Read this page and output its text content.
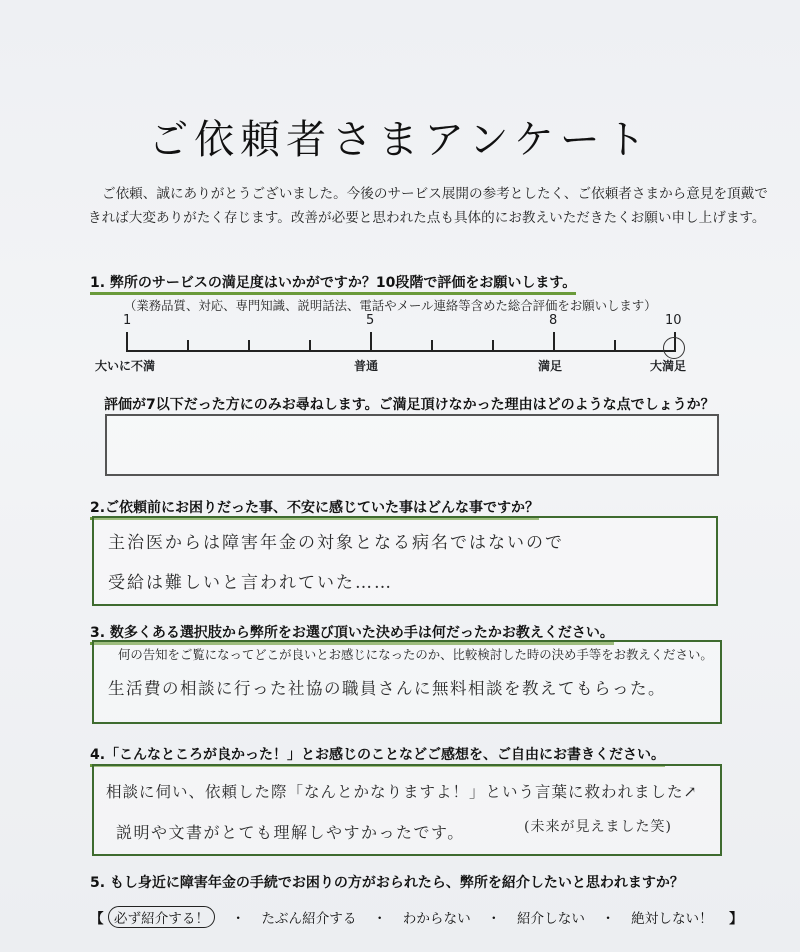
ご依頼者さまアンケート
ご依頼、誠にありがとうございました。今後のサービス展開の参考としたく、ご依頼者さまから意見を頂戴できれば大変ありがたく存じます。改善が必要と思われた点も具体的にお教えいただきたくお願い申し上げます。
1. 弊所のサービスの満足度はいかがですか？10段階で評価をお願いします。
（業務品質、対応、専門知識、説明話法、電話やメール連絡等含めた総合評価をお願いします）
1	5	8	10
大いに不満	普通	満足	大満足
評価が7以下だった方にのみお尋ねします。ご満足頂けなかった理由はどのような点でしょうか？
2.ご依頼前にお困りだった事、不安に感じていた事はどんな事ですか？
主治医からは障害年金の対象となる病名ではないので
受給は難しいと言われていた……
3. 数多くある選択肢から弊所をお選び頂いた決め手は何だったかお教えください。
何の告知をご覧になってどこが良いとお感じになったのか、比較検討した時の決め手等をお教えください。
生活費の相談に行った社協の職員さんに無料相談を教えてもらった。
4.「こんなところが良かった！」とお感じのことなどご感想を、ご自由にお書きください。
相談に伺い、依頼した際「なんとかなりますよ！」という言葉に救われました↗
説明や文書がとても理解しやすかったです。	(未来が見えました笑)
5. もし身近に障害年金の手続でお困りの方がおられたら、弊所を紹介したいと思われますか？
【 必ず紹介する！ ・ たぶん紹介する ・ わからない ・ 紹介しない ・ 絶対しない！ 】
